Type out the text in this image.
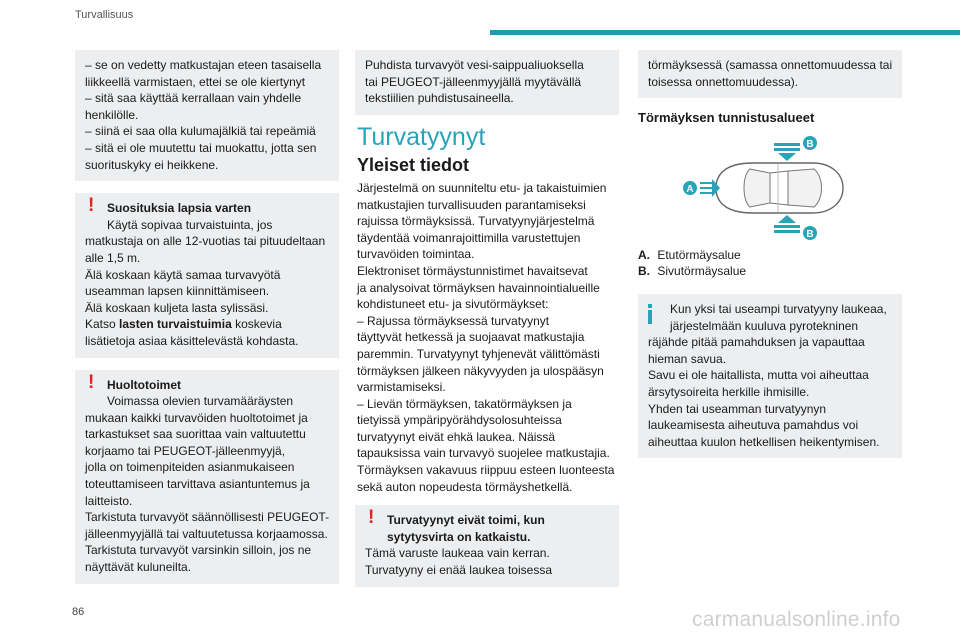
Turvallisuus

– se on vedetty matkustajan eteen tasaisella

liikkeellä varmistaen, ettei se ole kiertynyt

– sitä saa käyttää kerrallaan vain yhdelle

henkilölle.

– siinä ei saa olla kulumajälkiä tai repeämiä

– sitä ei ole muutettu tai muokattu, jotta sen

suorituskyky ei heikkene.

!	Suosituksia lapsia varten

Käytä sopivaa turvaistuinta, jos

matkustaja on alle 12-vuotias tai pituudeltaan

alle 1,5 m.

Älä koskaan käytä samaa turvavyötä

useamman lapsen kiinnittämiseen.

Älä koskaan kuljeta lasta sylissäsi.

Katso lasten turvaistuimia koskevia

lisätietoja asiaa käsittelevästä kohdasta.

!	Huoltotoimet

Voimassa olevien turvamääräysten

mukaan kaikki turvavöiden huoltotoimet ja

tarkastukset saa suorittaa vain valtuutettu

korjaamo tai PEUGEOT-jälleenmyyjä,

jolla on toimenpiteiden asianmukaiseen

toteuttamiseen tarvittava asiantuntemus ja

laitteisto.

Tarkistuta turvavyöt säännöllisesti PEUGEOT-

jälleenmyyjällä tai valtuutetussa korjaamossa.

Tarkistuta turvavyöt varsinkin silloin, jos ne

näyttävät kuluneilta.

Puhdista turvavyöt vesi-saippualiuoksella

tai PEUGEOT-jälleenmyyjällä myytävällä

tekstiilien puhdistusaineella.

Turvatyynyt
Yleiset tiedot

Järjestelmä on suunniteltu etu- ja takaistuimien

matkustajien turvallisuuden parantamiseksi

rajuissa törmäyksissä. Turvatyynyjärjestelmä

täydentää voimanrajoittimilla varustettujen

turvavöiden toimintaa.

Elektroniset törmäystunnistimet havaitsevat

ja analysoivat törmäyksen havainnointialueille

kohdistuneet etu- ja sivutörmäykset:

– Rajussa törmäyksessä turvatyynyt

täyttyvät hetkessä ja suojaavat matkustajia

paremmin. Turvatyynyt tyhjenevät välittömästi

törmäyksen jälkeen näkyvyyden ja ulospääsyn

varmistamiseksi.

– Lievän törmäyksen, takatörmäyksen ja

tietyissä ympäripyörähdysolosuhteissa

turvatyynyt eivät ehkä laukea. Näissä

tapauksissa vain turvavyö suojelee matkustajia.

Törmäyksen vakavuus riippuu esteen luonteesta

sekä auton nopeudesta törmäyshetkellä.

!	Turvatyynyt eivät toimi, kun

sytytysvirta on katkaistu.

Tämä varuste laukeaa vain kerran.

Turvatyyny ei enää laukea toisessa

törmäyksessä (samassa onnettomuudessa tai

toisessa onnettomuudessa).

Törmäyksen tunnistusalueet
A
B
B

A. Etutörmäysalue

B. Sivutörmäysalue

Kun yksi tai useampi turvatyyny laukeaa,

järjestelmään kuuluva pyrotekninen

räjähde pitää pamahduksen ja vapauttaa

hieman savua.

Savu ei ole haitallista, mutta voi aiheuttaa

ärsytysoireita herkille ihmisille.

Yhden tai useamman turvatyynyn

laukeamisesta aiheutuva pamahdus voi

aiheuttaa kuulon hetkellisen heikentymisen.

86	carmanualsonline.info
